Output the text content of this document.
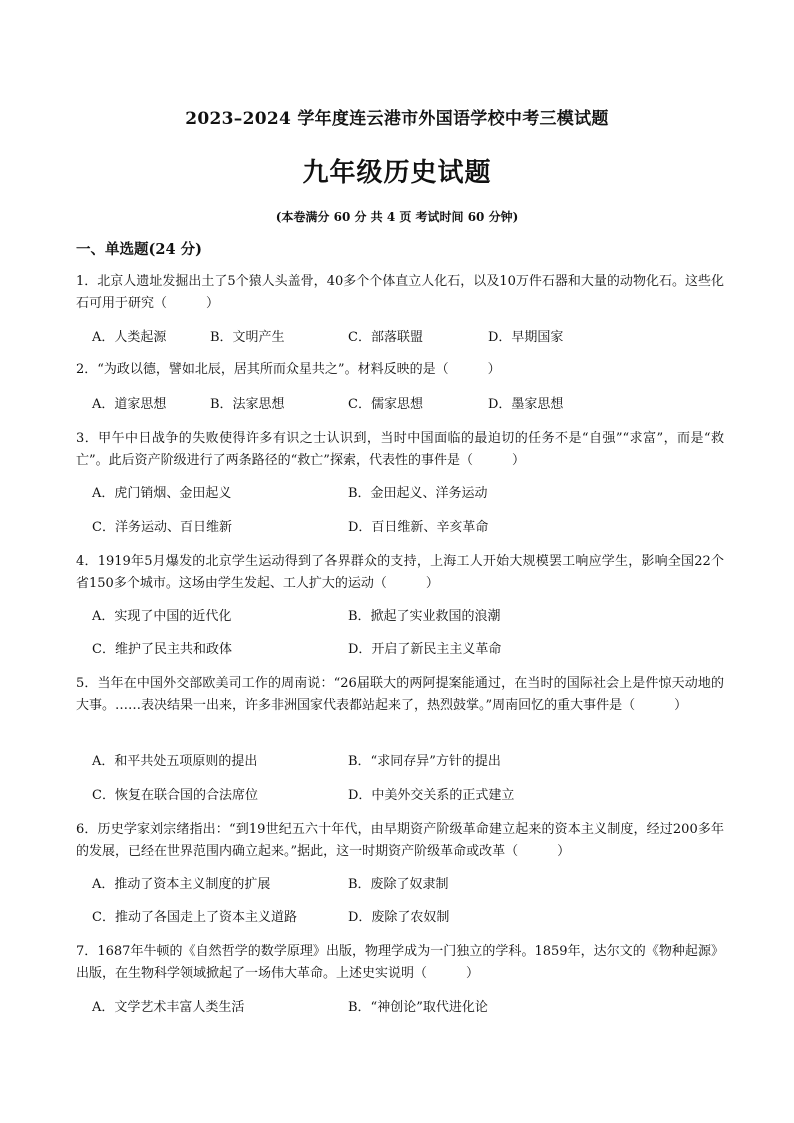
2023–2024 学年度连云港市外国语学校中考三模试题
九年级历史试题
(本卷满分 60 分 共 4 页 考试时间 60 分钟)
一、单选题(24 分)
1．北京人遗址发掘出土了5个猿人头盖骨，40多个个体直立人化石，以及10万件石器和大量的动物化石。这些化石可用于研究（　　　）
A．人类起源	B．文明产生	C．部落联盟	D．早期国家
2．“为政以德，譬如北辰，居其所而众星共之”。材料反映的是（　　　）
A．道家思想	B．法家思想	C．儒家思想	D．墨家思想
3．甲午中日战争的失败使得许多有识之士认识到，当时中国面临的最迫切的任务不是“自强”“求富”，而是“救亡”。此后资产阶级进行了两条路径的“救亡”探索，代表性的事件是（　　　）
A．虎门销烟、金田起义	B．金田起义、洋务运动
C．洋务运动、百日维新	D．百日维新、辛亥革命
4．1919年5月爆发的北京学生运动得到了各界群众的支持，上海工人开始大规模罢工响应学生，影响全国22个省150多个城市。这场由学生发起、工人扩大的运动（　　　）
A．实现了中国的近代化	B．掀起了实业救国的浪潮
C．维护了民主共和政体	D．开启了新民主主义革命
5．当年在中国外交部欧美司工作的周南说：“26届联大的两阿提案能通过，在当时的国际社会上是件惊天动地的大事。……表决结果一出来，许多非洲国家代表都站起来了，热烈鼓掌。”周南回忆的重大事件是（　　　）
A．和平共处五项原则的提出	B．“求同存异”方针的提出
C．恢复在联合国的合法席位	D．中美外交关系的正式建立
6．历史学家刘宗绪指出：“到19世纪五六十年代，由早期资产阶级革命建立起来的资本主义制度，经过200多年的发展，已经在世界范围内确立起来。”据此，这一时期资产阶级革命或改革（　　　）
A．推动了资本主义制度的扩展	B．废除了奴隶制
C．推动了各国走上了资本主义道路	D．废除了农奴制
7．1687年牛顿的《自然哲学的数学原理》出版，物理学成为一门独立的学科。1859年，达尔文的《物种起源》出版，在生物科学领域掀起了一场伟大革命。上述史实说明（　　　）
A．文学艺术丰富人类生活	B．“神创论”取代进化论
